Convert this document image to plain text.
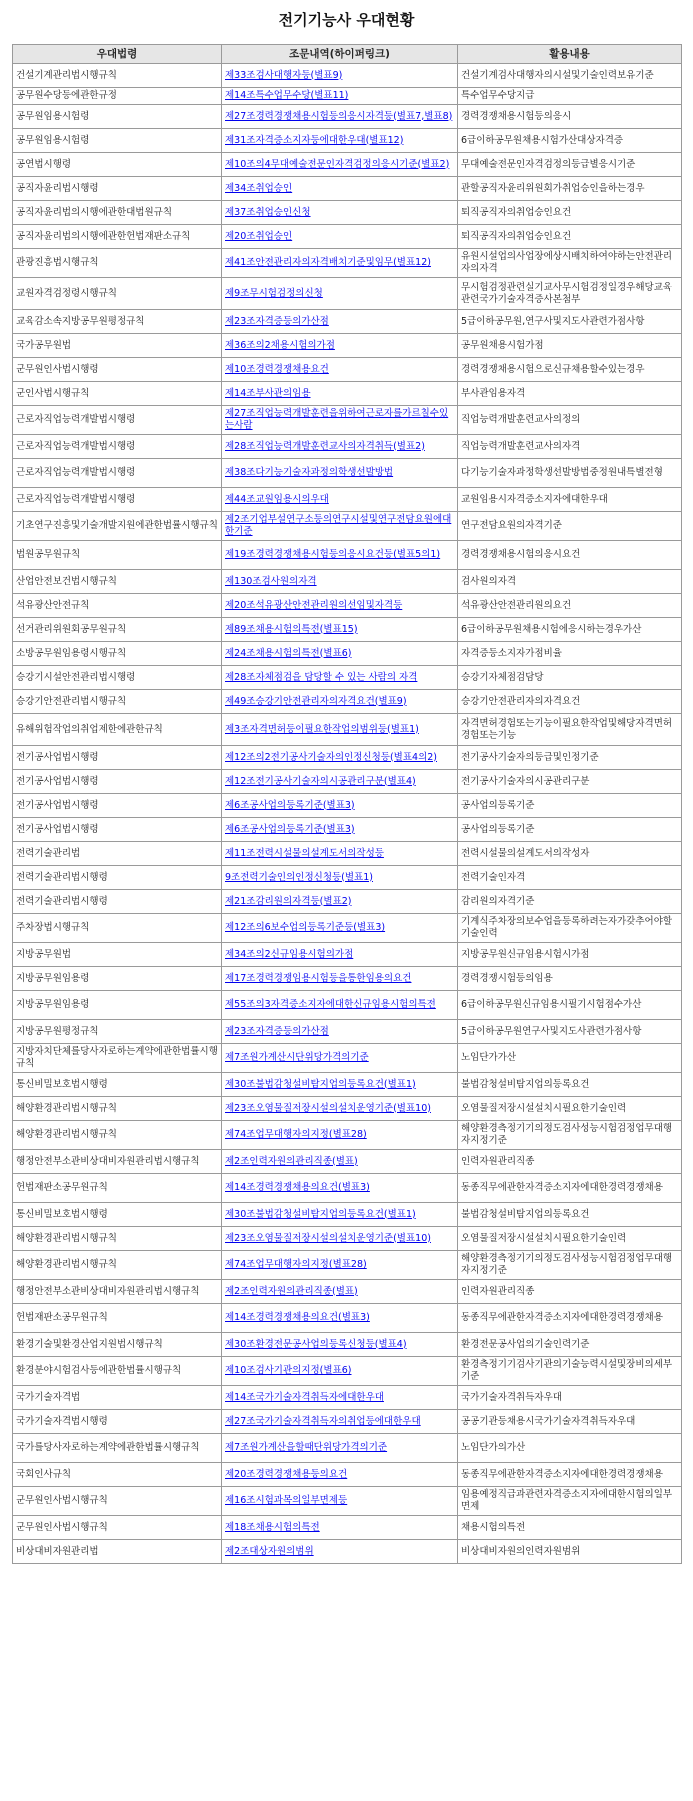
전기기능사 우대현황
우대법령	조문내역(하이퍼링크)	활용내용
건설기계관리법시행규칙	제33조검사대행자등(별표9)	건설기계검사대행자의시설및기술인력보유기준
공무원수당등에관한규정	제14조특수업무수당(별표11)	특수업무수당지급
공무원임용시험령	제27조경력경쟁채용시험등의응시자격등(별표7,별표8)	경력경쟁채용시험등의응시
공무원임용시험령	제31조자격증소지자등에대한우대(별표12)	6급이하공무원채용시험가산대상자격증
공연법시행령	제10조의4무대예술전문인자격검정의응시기준(별표2)	무대예술전문인자격검정의등급별응시기준
공직자윤리법시행령	제34조취업승인	관할공직자윤리위원회가취업승인을하는경우
공직자윤리법의시행에관한대법원규칙	제37조취업승인신청	퇴직공직자의취업승인요건
공직자윤리법의시행에관한헌법재판소규칙	제20조취업승인	퇴직공직자의취업승인요건
관광진흥법시행규칙	제41조안전관리자의자격배치기준및임무(별표12)	유원시설업의사업장에상시배치하여야하는안전관리자의자격
교원자격검정령시행규칙	제9조무시험검정의신청	무시험검정관련실기교사무시험검정일경우해당교육관련국가기술자격증사본첨부
교육감소속지방공무원평정규칙	제23조자격증등의가산점	5급이하공무원,연구사및지도사관련가점사항
국가공무원법	제36조의2채용시험의가점	공무원채용시험가점
군무원인사법시행령	제10조경력경쟁채용요건	경력경쟁채용시험으로신규채용할수있는경우
군인사법시행규칙	제14조부사관의임용	부사관임용자격
근로자직업능력개발법시행령	제27조직업능력개발훈련을위하여근로자를가르칠수있는사람	직업능력개발훈련교사의정의
근로자직업능력개발법시행령	제28조직업능력개발훈련교사의자격취득(별표2)	직업능력개발훈련교사의자격
근로자직업능력개발법시행령	제38조다기능기술자과정의학생선발방법	다기능기술자과정학생선발방법중정원내특별전형
근로자직업능력개발법시행령	제44조교원임용시의우대	교원임용시자격증소지자에대한우대
기초연구진흥및기술개발지원에관한법률시행규칙	제2조기업부설연구소등의연구시설및연구전담요원에대한기준	연구전담요원의자격기준
법원공무원규칙	제19조경력경쟁채용시험등의응시요건등(별표5의1)	경력경쟁채용시험의응시요건
산업안전보건법시행규칙	제130조검사원의자격	검사원의자격
석유광산안전규칙	제20조석유광산안전관리원의선임및자격등	석유광산안전관리원의요건
선거관리위원회공무원규칙	제89조채용시험의특전(별표15)	6급이하공무원채용시험에응시하는경우가산
소방공무원임용령시행규칙	제24조채용시험의특전(별표6)	자격증등소지자가점비율
승강기시설안전관리법시행령	제28조자체점검을 담당할 수 있는 사람의 자격	승강기자체점검담당
승강기안전관리법시행규칙	제49조승강기안전관리자의자격요건(별표9)	승강기안전관리자의자격요건
유해위험작업의취업제한에관한규칙	제3조자격면허등이필요한작업의범위등(별표1)	자격면허경험또는기능이필요한작업및해당자격면허경험또는기능
전기공사업법시행령	제12조의2전기공사기술자의인정신청등(별표4의2)	전기공사기술자의등급및인정기준
전기공사업법시행령	제12조전기공사기술자의시공관리구분(별표4)	전기공사기술자의시공관리구분
전기공사업법시행령	제6조공사업의등록기준(별표3)	공사업의등록기준
전기공사업법시행령	제6조공사업의등록기준(별표3)	공사업의등록기준
전력기술관리법	제11조전력시설물의설계도서의작성등	전력시설물의설계도서의작성자
전력기술관리법시행령	9조전력기술인의인정신청등(별표1)	전력기술인자격
전력기술관리법시행령	제21조감리원의자격등(별표2)	감리원의자격기준
주차장법시행규칙	제12조의6보수업의등록기준등(별표3)	기계식주차장의보수업을등록하려는자가갖추어야할기술인력
지방공무원법	제34조의2신규임용시험의가점	지방공무원신규임용시험시가점
지방공무원임용령	제17조경력경쟁임용시험등을통한임용의요건	경력경쟁시험등의임용
지방공무원임용령	제55조의3자격증소지자에대한신규임용시험의특전	6급이하공무원신규임용시필기시험점수가산
지방공무원평정규칙	제23조자격증등의가산점	5급이하공무원연구사및지도사관련가점사항
지방자치단체를당사자로하는계약에관한법률시행규칙	제7조원가계산시단위당가격의기준	노임단가가산
통신비밀보호법시행령	제30조불법감청설비탐지업의등록요건(별표1)	불법감청설비탐지업의등록요건
해양환경관리법시행규칙	제23조오염물질저장시설의설치운영기준(별표10)	오염물질저장시설설치시필요한기술인력
해양환경관리법시행규칙	제74조업무대행자의지정(별표28)	해양환경측정기기의정도검사성능시험검정업무대행자지정기준
행정안전부소관비상대비자원관리법시행규칙	제2조인력자원의관리직종(별표)	인력자원관리직종
헌법재판소공무원규칙	제14조경력경쟁채용의요건(별표3)	동종직무에관한자격증소지자에대한경력경쟁채용
통신비밀보호법시행령	제30조불법감청설비탐지업의등록요건(별표1)	불법감청설비탐지업의등록요건
해양환경관리법시행규칙	제23조오염물질저장시설의설치운영기준(별표10)	오염물질저장시설설치시필요한기술인력
해양환경관리법시행규칙	제74조업무대행자의지정(별표28)	해양환경측정기기의정도검사성능시험검정업무대행자지정기준
행정안전부소관비상대비자원관리법시행규칙	제2조인력자원의관리직종(별표)	인력자원관리직종
헌법재판소공무원규칙	제14조경력경쟁채용의요건(별표3)	동종직무에관한자격증소지자에대한경력경쟁채용
환경기술및환경산업지원법시행규칙	제30조환경전문공사업의등록신청등(별표4)	환경전문공사업의기술인력기준
환경분야시험검사등에관한법률시행규칙	제10조검사기관의지정(별표6)	환경측정기기검사기관의기술능력시설및장비의세부기준
국가기술자격법	제14조국가기술자격취득자에대한우대	국가기술자격취득자우대
국가기술자격법시행령	제27조국가기술자격취득자의취업등에대한우대	공공기관등채용시국가기술자격취득자우대
국가를당사자로하는계약에관한법률시행규칙	제7조원가계산을할때단위당가격의기준	노임단가의가산
국회인사규칙	제20조경력경쟁채용등의요건	동종직무에관한자격증소지자에대한경력경쟁채용
군무원인사법시행규칙	제16조시험과목의일부면제등	임용예정직급과관련자격증소지자에대한시험의일부면제
군무원인사법시행규칙	제18조채용시험의특전	채용시험의특전
비상대비자원관리법	제2조대상자원의범위	비상대비자원의인력자원범위
